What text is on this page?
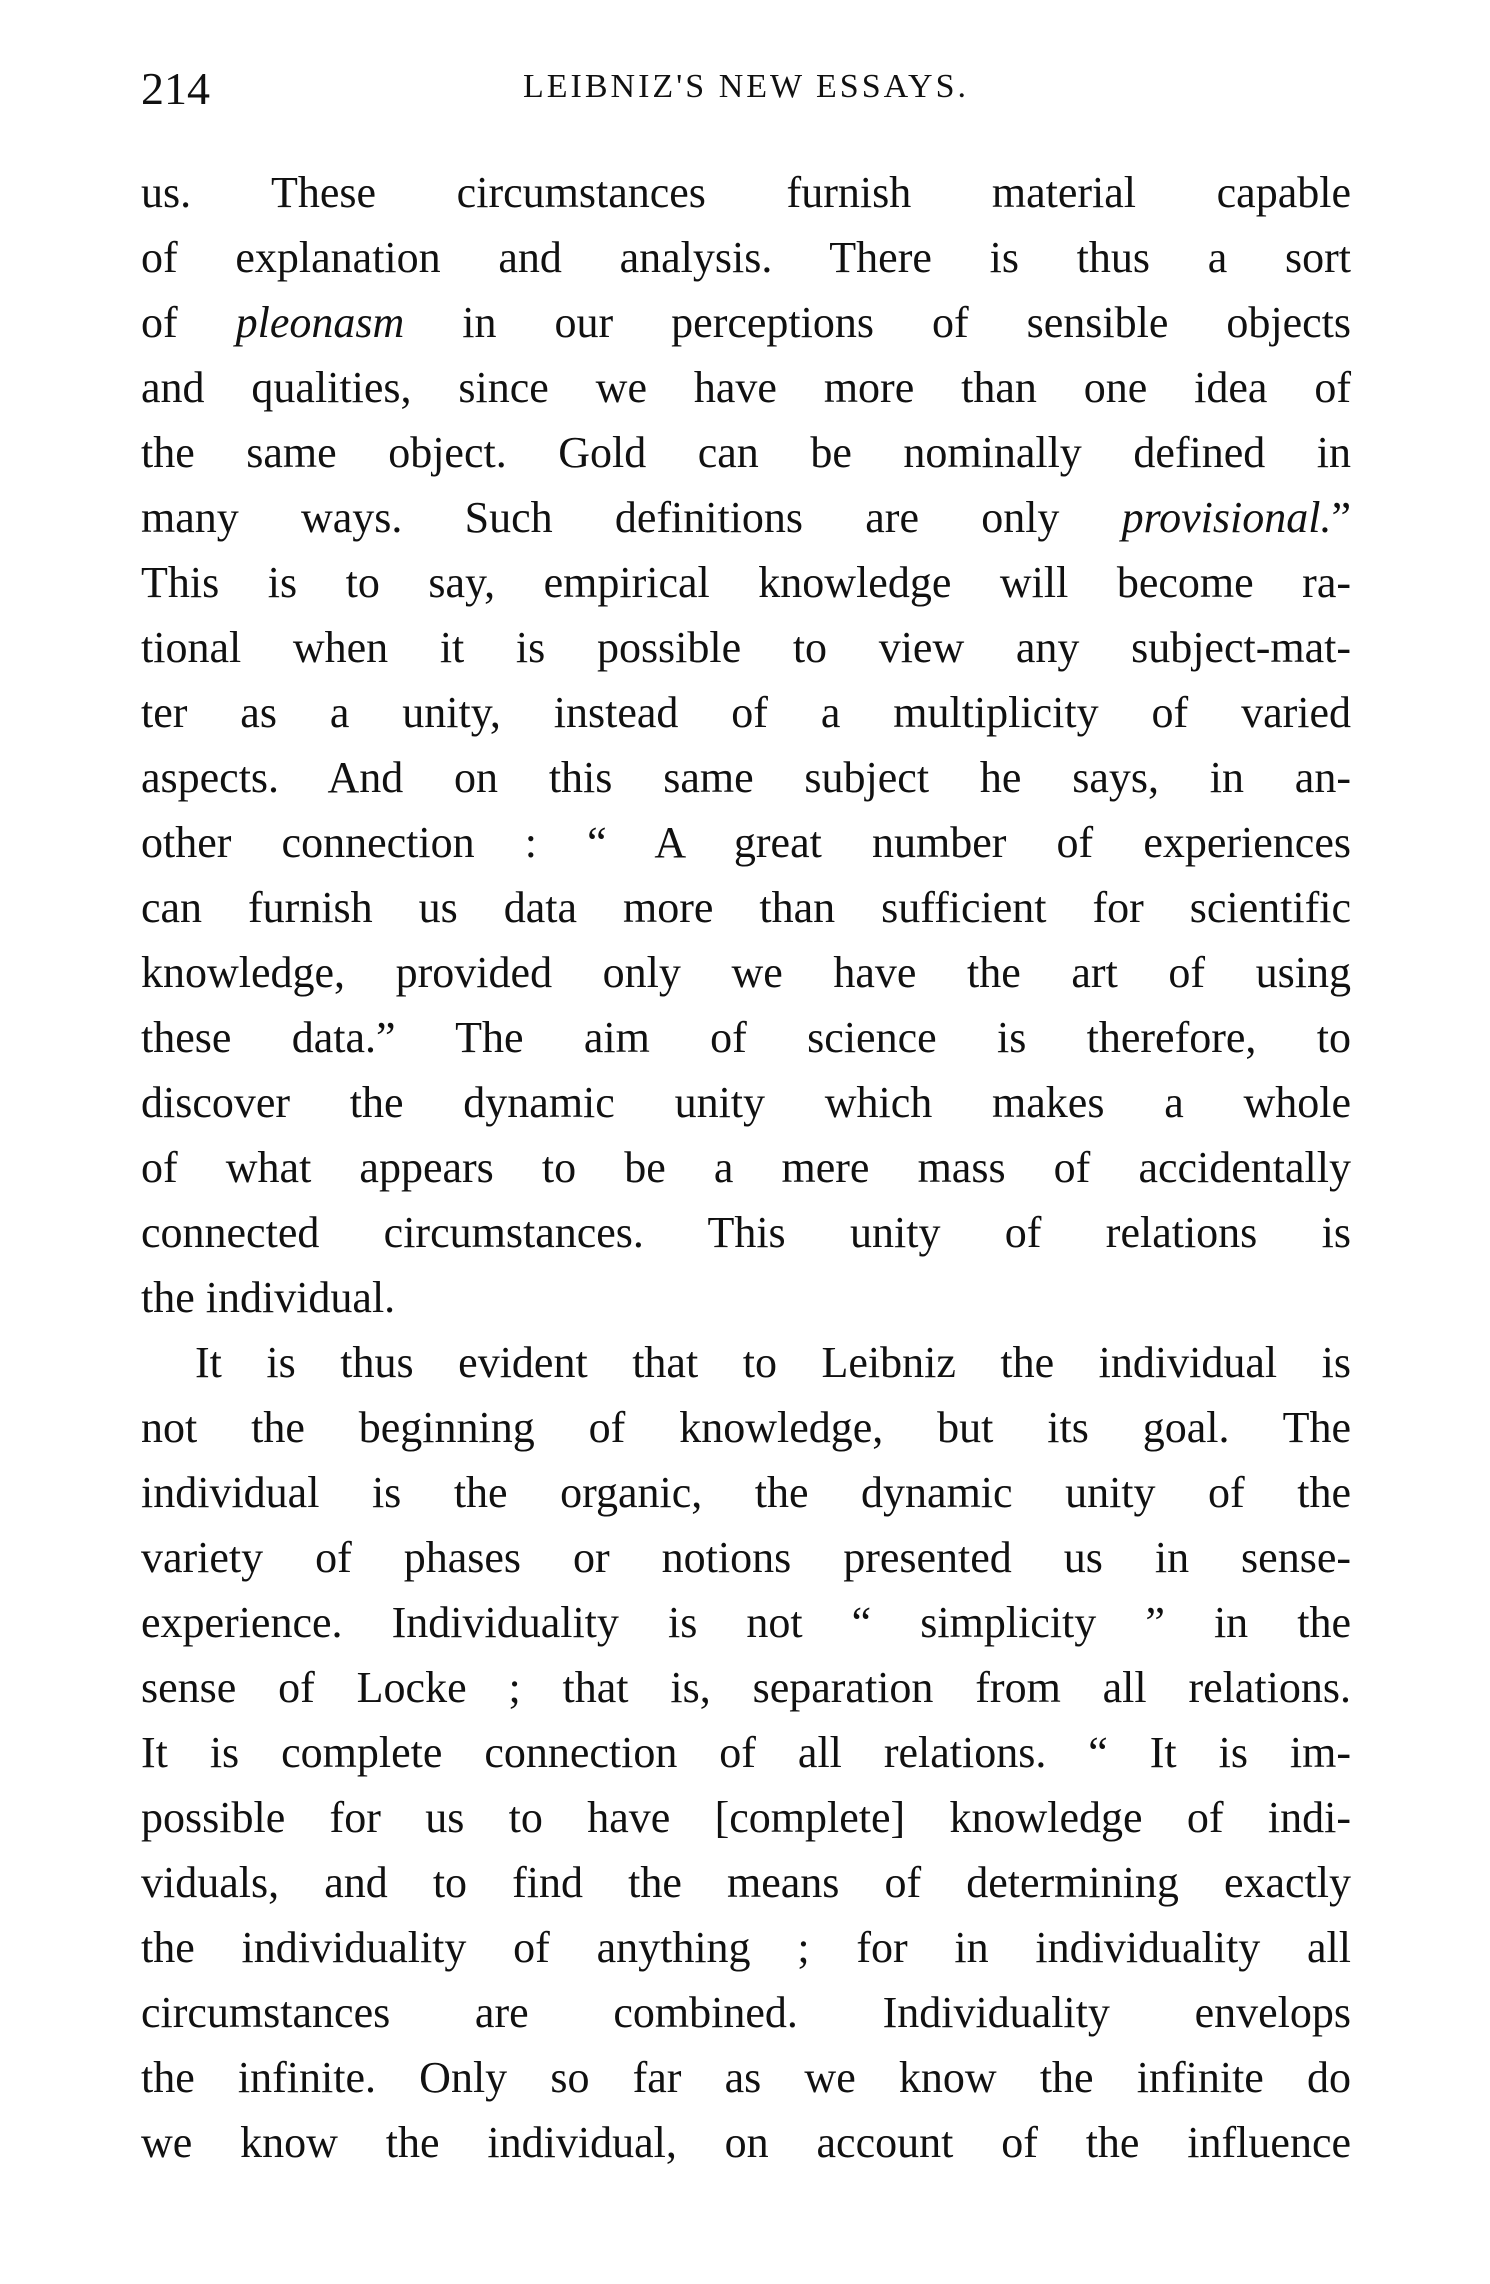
214	LEIBNIZ'S NEW ESSAYS.
us. These circumstances furnish material capable
of explanation and analysis. There is thus a sort
of pleonasm in our perceptions of sensible objects
and qualities, since we have more than one idea of
the same object. Gold can be nominally defined in
many ways. Such definitions are only provisional.”
This is to say, empirical knowledge will become ra-
tional when it is possible to view any subject-mat-
ter as a unity, instead of a multiplicity of varied
aspects. And on this same subject he says, in an-
other connection : “ A great number of experiences
can furnish us data more than sufficient for scientific
knowledge, provided only we have the art of using
these data.” The aim of science is therefore, to
discover the dynamic unity which makes a whole
of what appears to be a mere mass of accidentally
connected circumstances. This unity of relations is
the individual.
It is thus evident that to Leibniz the individual is
not the beginning of knowledge, but its goal. The
individual is the organic, the dynamic unity of the
variety of phases or notions presented us in sense-
experience. Individuality is not “ simplicity ” in the
sense of Locke ; that is, separation from all relations.
It is complete connection of all relations. “ It is im-
possible for us to have [complete] knowledge of indi-
viduals, and to find the means of determining exactly
the individuality of anything ; for in individuality all
circumstances are combined. Individuality envelops
the infinite. Only so far as we know the infinite do
we know the individual, on account of the influence
